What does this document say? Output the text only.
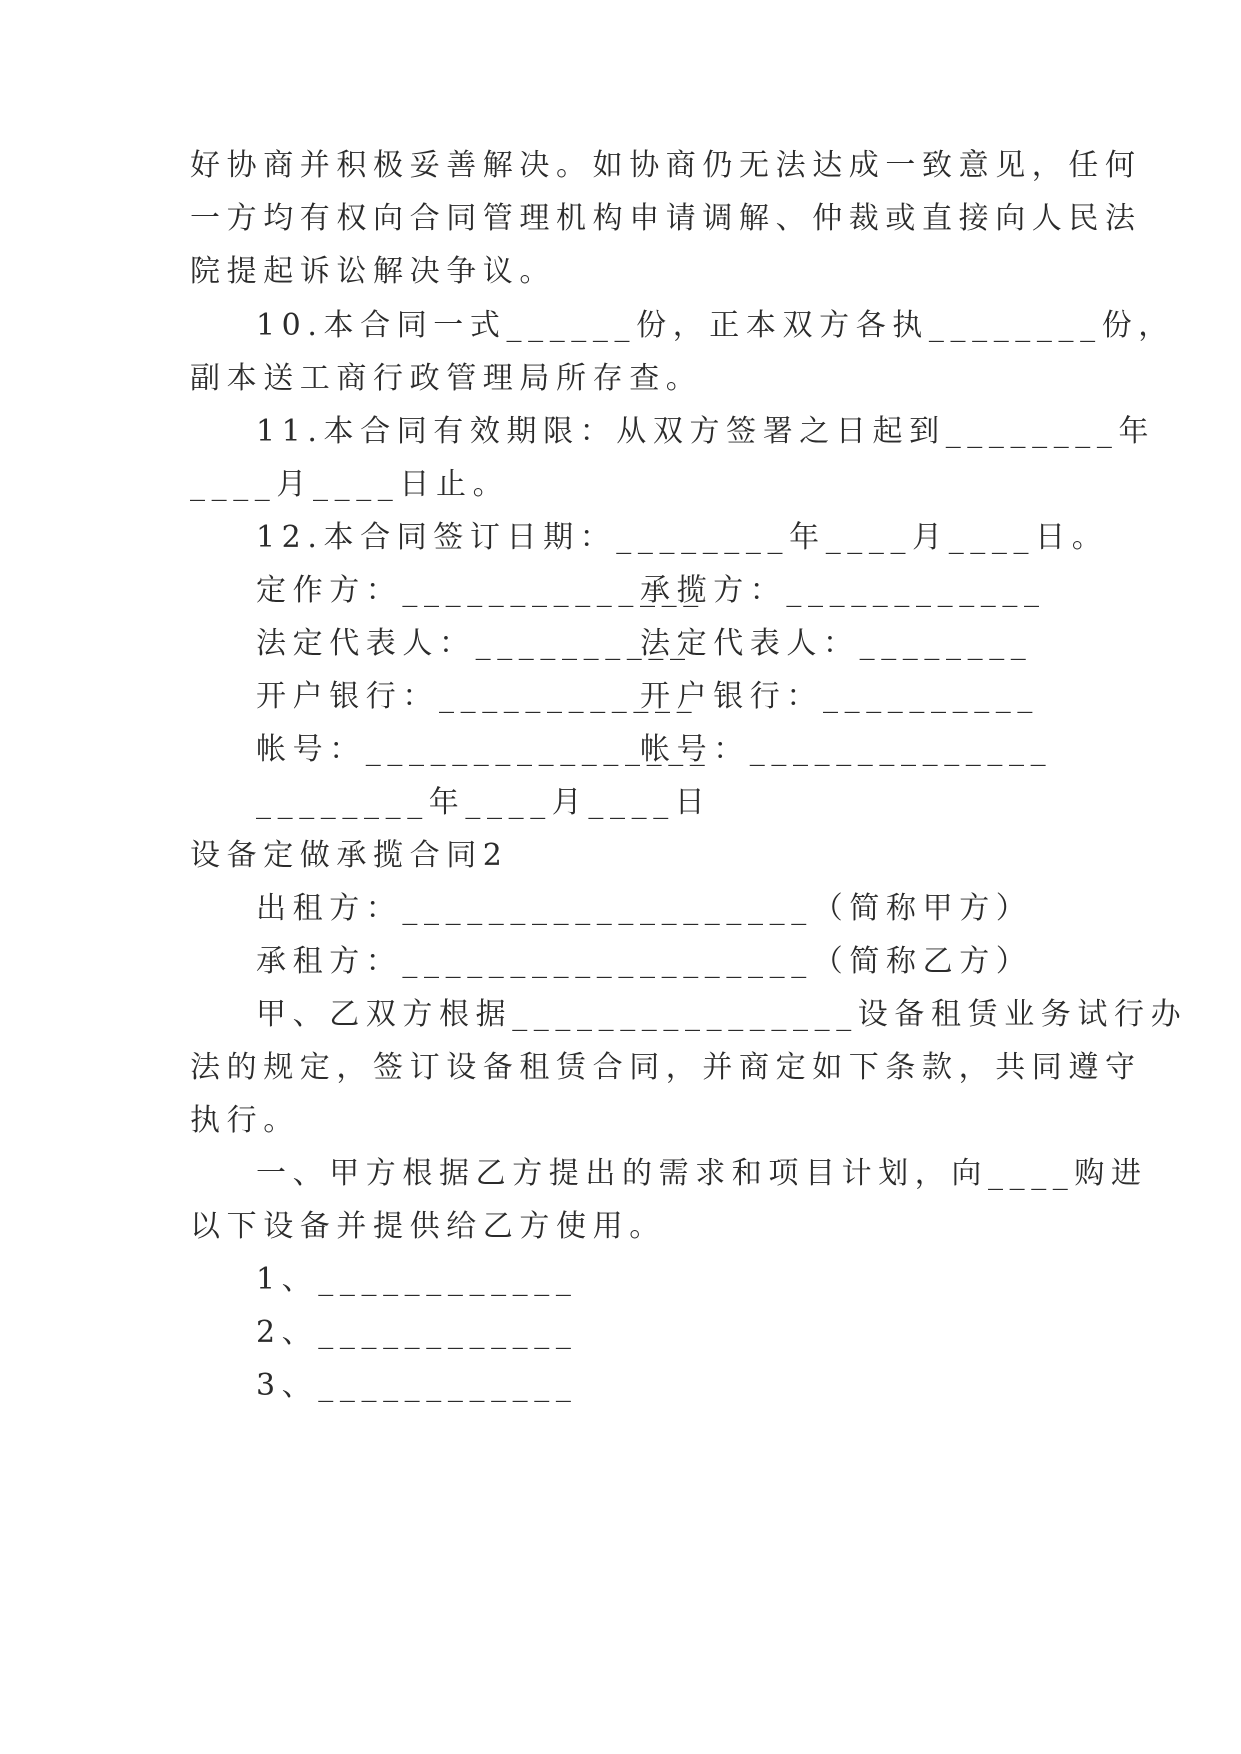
好协商并积极妥善解决。如协商仍无法达成一致意见，任何
一方均有权向合同管理机构申请调解、仲裁或直接向人民法
院提起诉讼解决争议。
10.本合同一式______份，正本双方各执________份，
副本送工商行政管理局所存查。
11.本合同有效期限：从双方签署之日起到________年
____月____日止。
12.本合同签订日期：________年____月____日。
定作方：______________
承揽方：____________
法定代表人：__________
法定代表人：________
开户银行：____________
开户银行：__________
帐号：________________
帐号：______________
________年____月____日
设备定做承揽合同2
出租方：___________________（简称甲方）
承租方：___________________（简称乙方）
甲、乙双方根据________________设备租赁业务试行办
法的规定，签订设备租赁合同，并商定如下条款，共同遵守
执行。
一、甲方根据乙方提出的需求和项目计划，向____购进
以下设备并提供给乙方使用。
1、____________
2、____________
3、____________
